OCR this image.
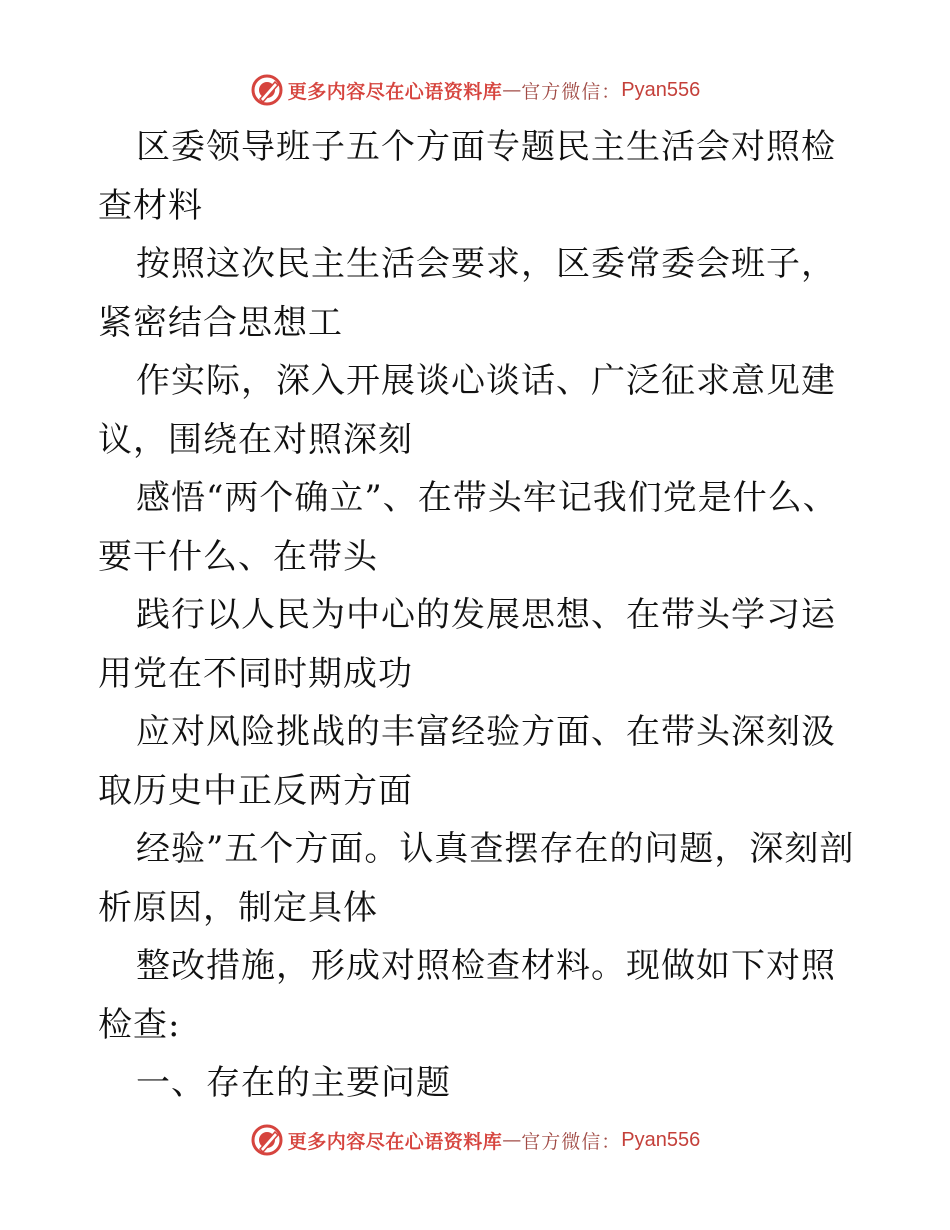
更多内容尽在心语资料库 — 官方微信： Pyan556

区委领导班子五个方面专题民主生活会对照检查材料

按照这次民主生活会要求，区委常委会班子，紧密结合思想工

作实际，深入开展谈心谈话、广泛征求意见建议，围绕在对照深刻

感悟“两个确立”、在带头牢记我们党是什么、要干什么、在带头

践行以人民为中心的发展思想、在带头学习运用党在不同时期成功

应对风险挑战的丰富经验方面、在带头深刻汲取历史中正反两方面

经验”五个方面。认真查摆存在的问题，深刻剖析原因，制定具体

整改措施，形成对照检查材料。现做如下对照检查:

一、存在的主要问题

更多内容尽在心语资料库 — 官方微信： Pyan556
